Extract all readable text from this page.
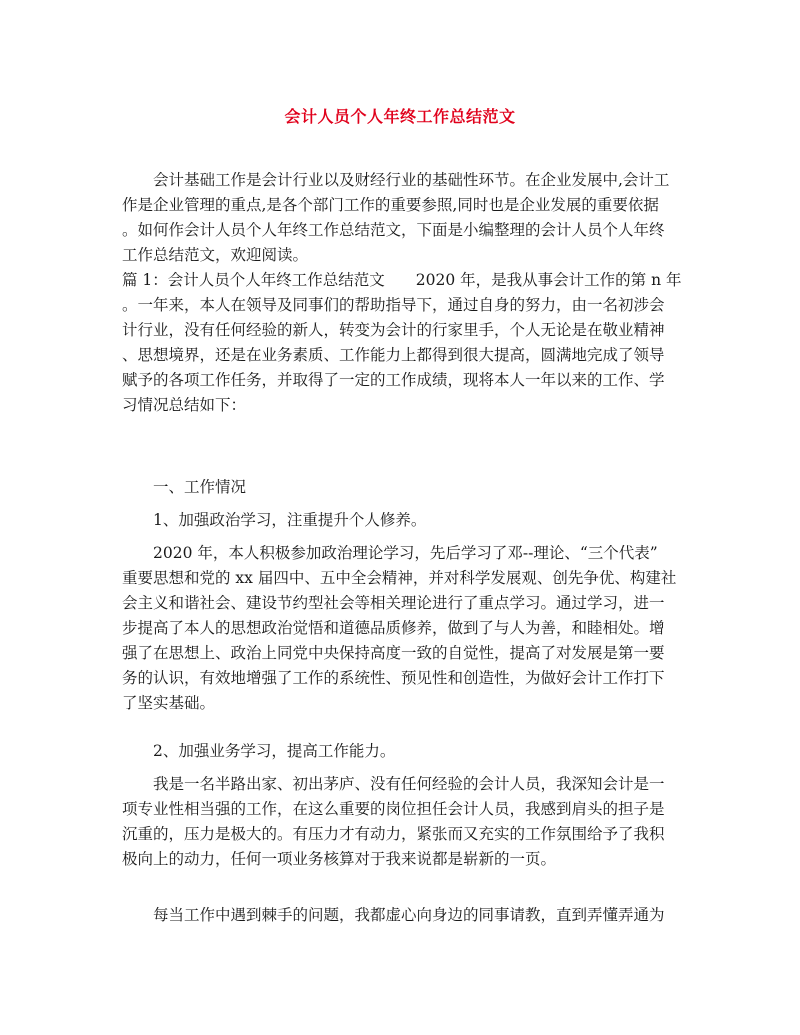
会计人员个人年终工作总结范文
　　会计基础工作是会计行业以及财经行业的基础性环节。在企业发展中,会计工
作是企业管理的重点,是各个部门工作的重要参照,同时也是企业发展的重要依据
。如何作会计人员个人年终工作总结范文，下面是小编整理的会计人员个人年终
工作总结范文，欢迎阅读。
篇 1：会计人员个人年终工作总结范文　　2020 年，是我从事会计工作的第 n 年
。一年来，本人在领导及同事们的帮助指导下，通过自身的努力，由一名初涉会
计行业，没有任何经验的新人，转变为会计的行家里手，个人无论是在敬业精神
、思想境界，还是在业务素质、工作能力上都得到很大提高，圆满地完成了领导
赋予的各项工作任务，并取得了一定的工作成绩，现将本人一年以来的工作、学
习情况总结如下：
　　一、工作情况
　　1、加强政治学习，注重提升个人修养。
　　2020 年，本人积极参加政治理论学习，先后学习了邓--理论、“三个代表”
重要思想和党的 xx 届四中、五中全会精神，并对科学发展观、创先争优、构建社
会主义和谐社会、建设节约型社会等相关理论进行了重点学习。通过学习，进一
步提高了本人的思想政治觉悟和道德品质修养，做到了与人为善，和睦相处。增
强了在思想上、政治上同党中央保持高度一致的自觉性，提高了对发展是第一要
务的认识，有效地增强了工作的系统性、预见性和创造性，为做好会计工作打下
了坚实基础。
　　2、加强业务学习，提高工作能力。
　　我是一名半路出家、初出茅庐、没有任何经验的会计人员，我深知会计是一
项专业性相当强的工作，在这么重要的岗位担任会计人员，我感到肩头的担子是
沉重的，压力是极大的。有压力才有动力，紧张而又充实的工作氛围给予了我积
极向上的动力，任何一项业务核算对于我来说都是崭新的一页。
　　每当工作中遇到棘手的问题，我都虚心向身边的同事请教，直到弄懂弄通为
